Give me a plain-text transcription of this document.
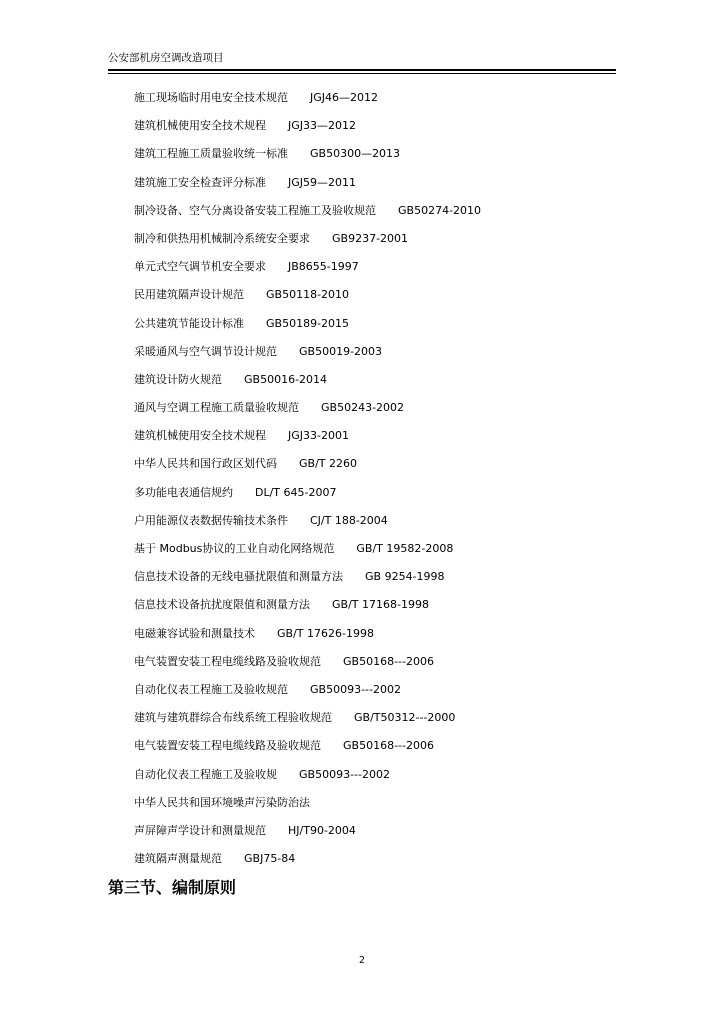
公安部机房空调改造项目
施工现场临时用电安全技术规范 JGJ46—2012
建筑机械使用安全技术规程 JGJ33—2012
建筑工程施工质量验收统一标准 GB50300—2013
建筑施工安全检查评分标准 JGJ59—2011
制冷设备、空气分离设备安装工程施工及验收规范 GB50274-2010
制冷和供热用机械制冷系统安全要求 GB9237-2001
单元式空气调节机安全要求 JB8655-1997
民用建筑隔声设计规范 GB50118-2010
公共建筑节能设计标准 GB50189-2015
采暖通风与空气调节设计规范 GB50019-2003
建筑设计防火规范 GB50016-2014
通风与空调工程施工质量验收规范 GB50243-2002
建筑机械使用安全技术规程 JGJ33-2001
中华人民共和国行政区划代码 GB/T 2260
多功能电表通信规约 DL/T 645-2007
户用能源仪表数据传输技术条件 CJ/T 188-2004
基于 Modbus协议的工业自动化网络规范 GB/T 19582-2008
信息技术设备的无线电骚扰限值和测量方法 GB 9254-1998
信息技术设备抗扰度限值和测量方法 GB/T 17168-1998
电磁兼容试验和测量技术 GB/T 17626-1998
电气装置安装工程电缆线路及验收规范 GB50168---2006
自动化仪表工程施工及验收规范 GB50093---2002
建筑与建筑群综合布线系统工程验收规范 GB/T50312---2000
电气装置安装工程电缆线路及验收规范 GB50168---2006
自动化仪表工程施工及验收规 GB50093---2002
中华人民共和国环境噪声污染防治法
声屏障声学设计和测量规范 HJ/T90-2004
建筑隔声测量规范 GBJ75-84
第三节、编制原则
2
